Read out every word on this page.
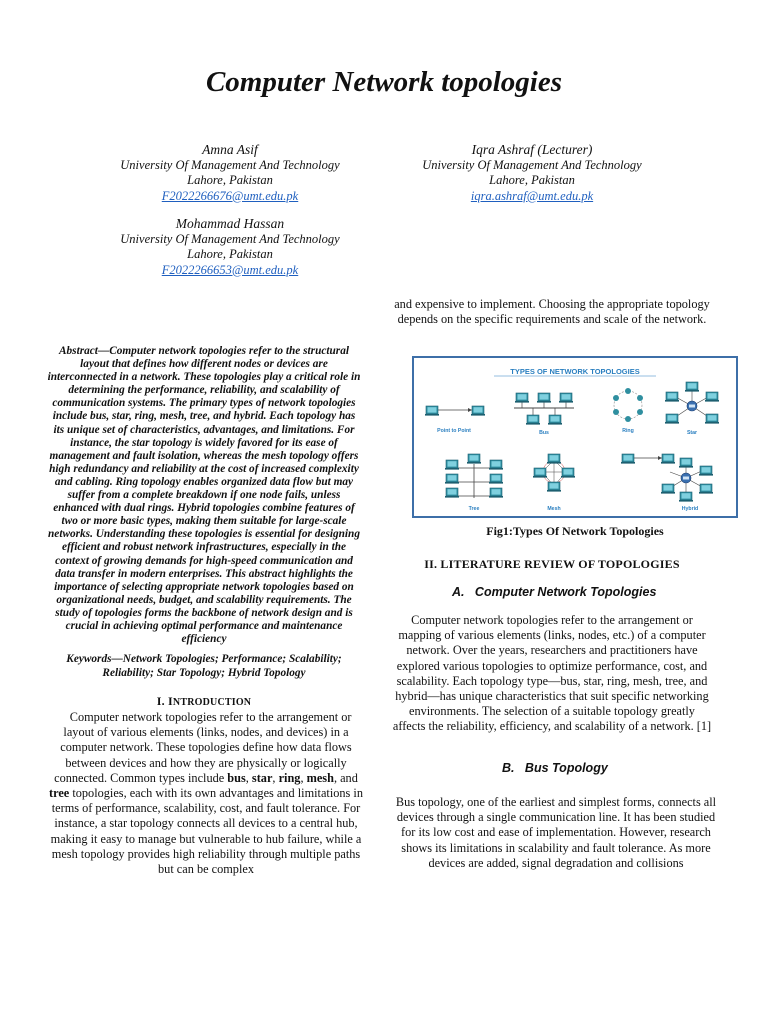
Computer Network topologies
Amna Asif
University Of Management And Technology
Lahore, Pakistan
F2022266676@umt.edu.pk
Iqra Ashraf (Lecturer)
University Of Management And Technology
Lahore, Pakistan
iqra.ashraf@umt.edu.pk
Mohammad Hassan
University Of Management And Technology
Lahore, Pakistan
F2022266653@umt.edu.pk
Abstract—Computer network topologies refer to the structural layout that defines how different nodes or devices are interconnected in a network. These topologies play a critical role in determining the performance, reliability, and scalability of communication systems. The primary types of network topologies include bus, star, ring, mesh, tree, and hybrid. Each topology has its unique set of characteristics, advantages, and limitations. For instance, the star topology is widely favored for its ease of management and fault isolation, whereas the mesh topology offers high redundancy and reliability at the cost of increased complexity and cabling. Ring topology enables organized data flow but may suffer from a complete breakdown if one node fails, unless enhanced with dual rings. Hybrid topologies combine features of two or more basic types, making them suitable for large-scale networks. Understanding these topologies is essential for designing efficient and robust network infrastructures, especially in the context of growing demands for high-speed communication and data transfer in modern enterprises. This abstract highlights the importance of selecting appropriate network topologies based on organizational needs, budget, and scalability requirements. The study of topologies forms the backbone of network design and is crucial in achieving optimal performance and maintenance efficiency
Keywords—Network Topologies; Performance; Scalability; Reliability; Star Topology; Hybrid Topology
I. INTRODUCTION
Computer network topologies refer to the arrangement or layout of various elements (links, nodes, and devices) in a computer network. These topologies define how data flows between devices and how they are physically or logically connected. Common types include bus, star, ring, mesh, and tree topologies, each with its own advantages and limitations in terms of performance, scalability, cost, and fault tolerance. For instance, a star topology connects all devices to a central hub, making it easy to manage but vulnerable to hub failure, while a mesh topology provides high reliability through multiple paths but can be complex
and expensive to implement. Choosing the appropriate topology depends on the specific requirements and scale of the network.
TYPES OF NETWORK TOPOLOGIES
Point to Point	Bus	Ring	Star
Tree	Mesh	Hybrid
Fig1:Types Of Network Topologies
II. LITERATURE REVIEW OF TOPOLOGIES
A. Computer Network Topologies
Computer network topologies refer to the arrangement or mapping of various elements (links, nodes, etc.) of a computer network. Over the years, researchers and practitioners have explored various topologies to optimize performance, cost, and scalability. Each topology type—bus, star, ring, mesh, tree, and hybrid—has unique characteristics that suit specific networking environments. The selection of a suitable topology greatly affects the reliability, efficiency, and scalability of a network. [1]
B. Bus Topology
Bus topology, one of the earliest and simplest forms, connects all devices through a single communication line. It has been studied for its low cost and ease of implementation. However, research shows its limitations in scalability and fault tolerance. As more devices are added, signal degradation and collisions
